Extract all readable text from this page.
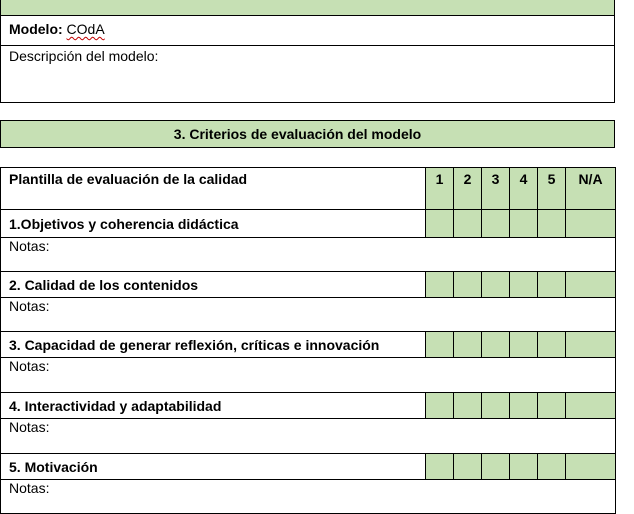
Modelo: COdA
Descripción del modelo:
3. Criterios de evaluación del modelo
Plantilla de evaluación de la calidad	1	2	3	4	5	N/A
1.Objetivos y coherencia didáctica						
Notas:						
2. Calidad de los contenidos						
Notas:						
3. Capacidad de generar reflexión, críticas e innovación						
Notas:						
4. Interactividad y adaptabilidad						
Notas:						
5. Motivación						
Notas:						
